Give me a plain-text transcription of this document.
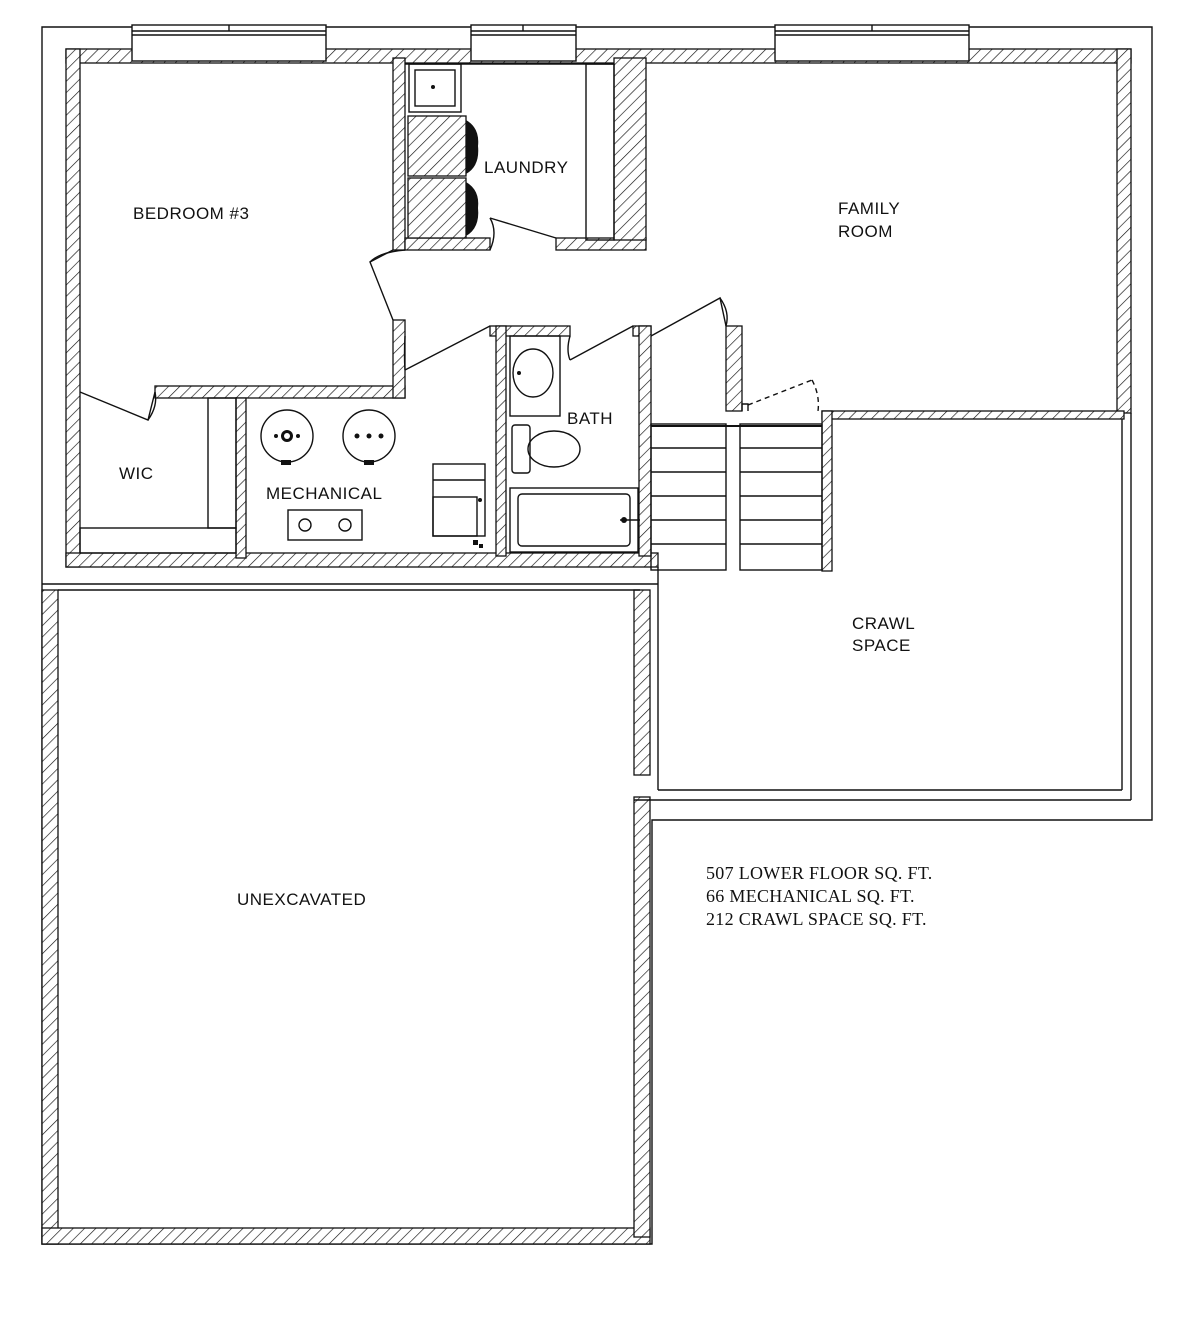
BEDROOM #3
LAUNDRY
FAMILY
ROOM
WIC
MECHANICAL
BATH
CRAWL
SPACE
UNEXCAVATED
507 LOWER FLOOR SQ. FT.
66 MECHANICAL SQ. FT.
212 CRAWL SPACE SQ. FT.
